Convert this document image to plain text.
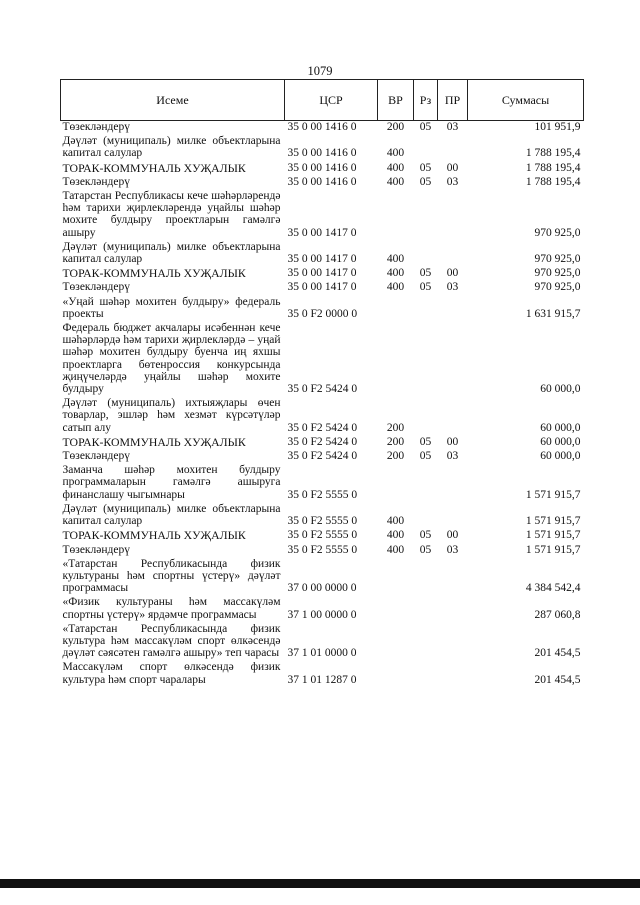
1079
Исеме	ЦСР	ВР	Рз	ПР	Суммасы
Төзекләндерү	35 0 00 1416 0	200	05	03	101 951,9
Дәүләт (муниципаль) милке объектларына капитал салулар	35 0 00 1416 0	400			1 788 195,4
ТОРАК-КОММУНАЛЬ ХУҖАЛЫК	35 0 00 1416 0	400	05	00	1 788 195,4
Төзекләндерү	35 0 00 1416 0	400	05	03	1 788 195,4
Татарстан Республикасы кече шәһәрләрендә һәм тарихи җирлекләрендә уңайлы шәһәр мохите булдыру проектларын гамәлгә ашыру	35 0 00 1417 0				970 925,0
Дәүләт (муниципаль) милке объектларына капитал салулар	35 0 00 1417 0	400			970 925,0
ТОРАК-КОММУНАЛЬ ХУҖАЛЫК	35 0 00 1417 0	400	05	00	970 925,0
Төзекләндерү	35 0 00 1417 0	400	05	03	970 925,0
«Уңай шәһәр мохитен булдыру» федераль проекты	35 0 F2 0000 0				1 631 915,7
Федераль бюджет акчалары исәбеннән кече шәһәрләрдә һәм тарихи җирлекләрдә – уңай шәһәр мохитен булдыру буенча иң яхшы проектларга бөтенроссия конкурсында җиңүчеләрдә уңайлы шәһәр мохите булдыру	35 0 F2 5424 0				60 000,0
Дәүләт (муниципаль) ихтыяҗлары өчен товарлар, эшләр һәм хезмәт күрсәтүләр сатып алу	35 0 F2 5424 0	200			60 000,0
ТОРАК-КОММУНАЛЬ ХУҖАЛЫК	35 0 F2 5424 0	200	05	00	60 000,0
Төзекләндерү	35 0 F2 5424 0	200	05	03	60 000,0
Заманча шәһәр мохитен булдыру программаларын гамәлгә ашыруга финанслашу чыгымнары	35 0 F2 5555 0				1 571 915,7
Дәүләт (муниципаль) милке объектларына капитал салулар	35 0 F2 5555 0	400			1 571 915,7
ТОРАК-КОММУНАЛЬ ХУҖАЛЫК	35 0 F2 5555 0	400	05	00	1 571 915,7
Төзекләндерү	35 0 F2 5555 0	400	05	03	1 571 915,7
«Татарстан Республикасында физик культураны һәм спортны үстерү» дәүләт программасы	37 0 00 0000 0				4 384 542,4
«Физик культураны һәм массакүләм спортны үстерү» ярдәмче программасы	37 1 00 0000 0				287 060,8
«Татарстан Республикасында физик культура һәм массакүләм спорт өлкәсендә дәүләт сәясәтен гамәлгә ашыру» теп чарасы	37 1 01 0000 0				201 454,5
Массакүләм спорт өлкәсендә физик культура һәм спорт чаралары	37 1 01 1287 0				201 454,5
